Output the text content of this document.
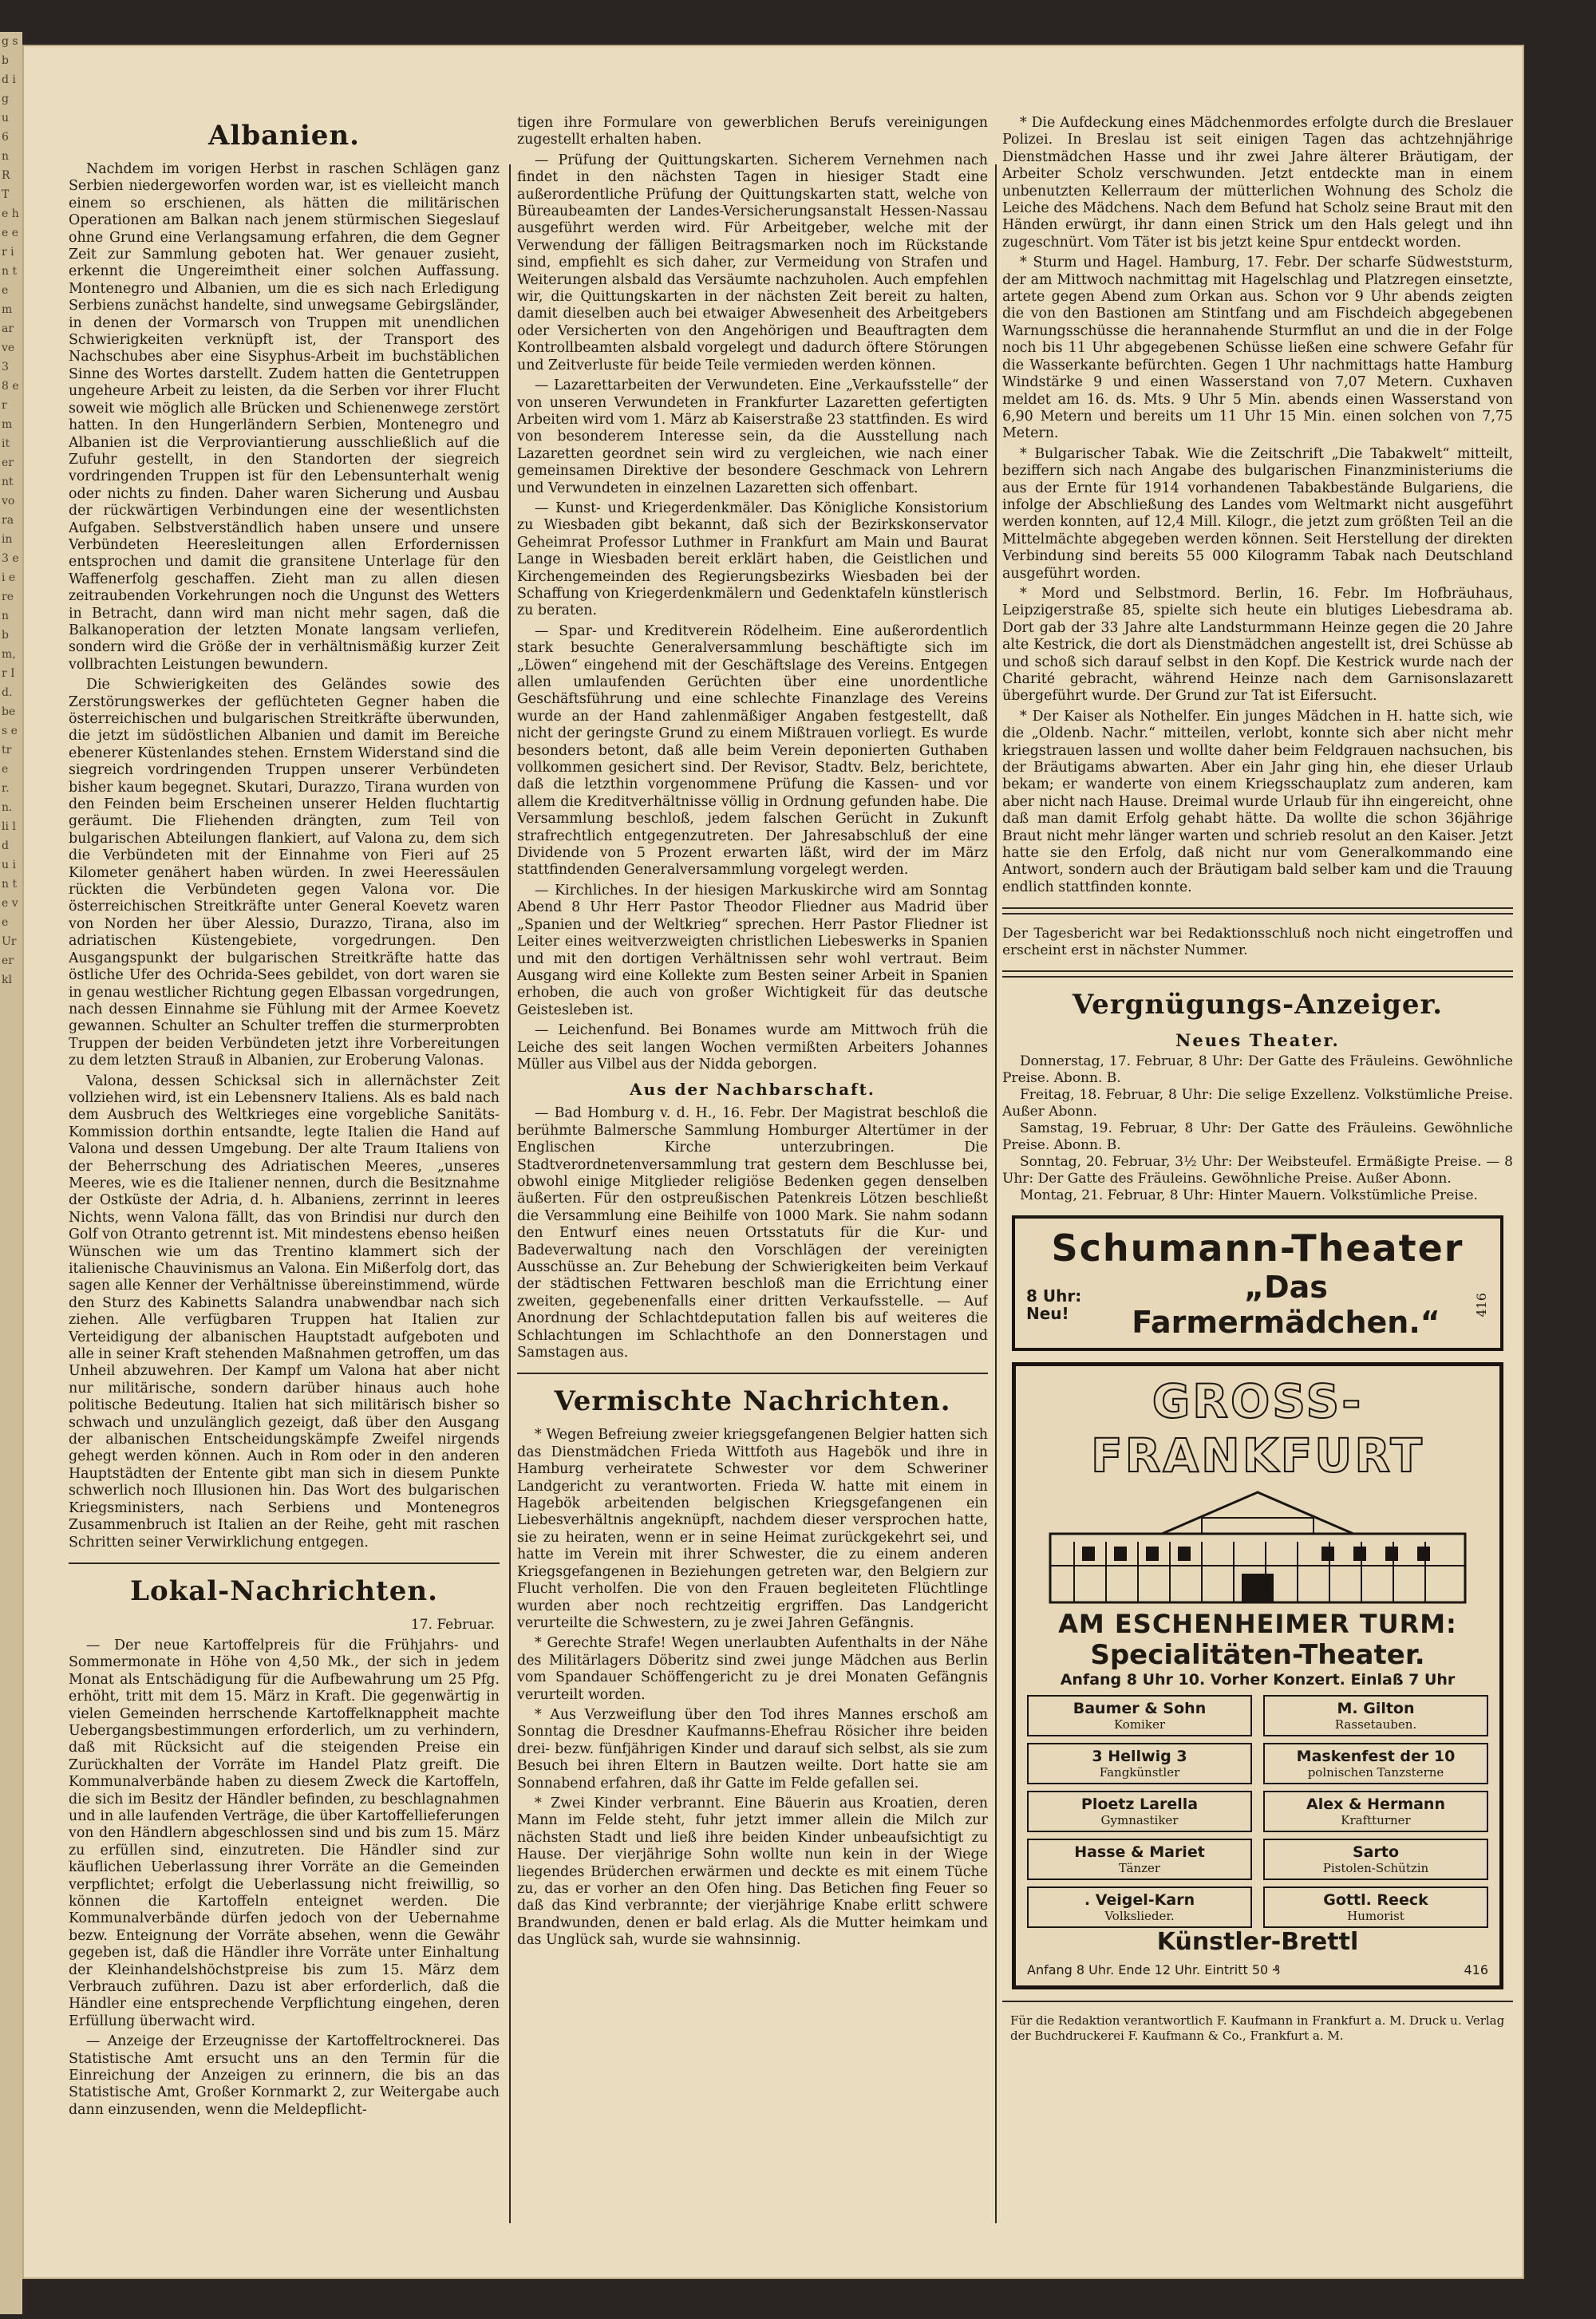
g s b d ig u 6 n R T e he er in te m ar ve 3 8 er m it er nt vo ra in 3 e i e re n b m, r Id. bes etr e r. n. li ld u in te ve Ur er kl
Albanien.

Nachdem im vorigen Herbst in raschen Schlägen ganz Serbien niedergeworfen worden war, ist es vielleicht manch einem so erschienen, als hätten die militärischen Operationen am Balkan nach jenem stürmischen Siegeslauf ohne Grund eine Verlangsamung erfahren, die dem Gegner Zeit zur Sammlung geboten hat. Wer genauer zusieht, erkennt die Ungereimtheit einer solchen Auffassung. Montenegro und Albanien, um die es sich nach Erledigung Serbiens zunächst handelte, sind unwegsame Gebirgsländer, in denen der Vormarsch von Truppen mit unendlichen Schwierigkeiten verknüpft ist, der Transport des Nachschubes aber eine Sisyphus-Arbeit im buchstäblichen Sinne des Wortes darstellt. Zudem hatten die Gentetruppen ungeheure Arbeit zu leisten, da die Serben vor ihrer Flucht soweit wie möglich alle Brücken und Schienenwege zerstört hatten. In den Hungerländern Serbien, Montenegro und Albanien ist die Verproviantierung ausschließlich auf die Zufuhr gestellt, in den Standorten der siegreich vordringenden Truppen ist für den Lebensunterhalt wenig oder nichts zu finden. Daher waren Sicherung und Ausbau der rückwärtigen Verbindungen eine der wesentlichsten Aufgaben. Selbstverständlich haben unsere und unsere Verbündeten Heeresleitungen allen Erfordernissen entsprochen und damit die gransitene Unterlage für den Waffenerfolg geschaffen. Zieht man zu allen diesen zeitraubenden Vorkehrungen noch die Ungunst des Wetters in Betracht, dann wird man nicht mehr sagen, daß die Balkanoperation der letzten Monate langsam verliefen, sondern wird die Größe der in verhältnismäßig kurzer Zeit vollbrachten Leistungen bewundern.

Die Schwierigkeiten des Geländes sowie des Zerstörungswerkes der geflüchteten Gegner haben die österreichischen und bulgarischen Streitkräfte überwunden, die jetzt im südöstlichen Albanien und damit im Bereiche ebenerer Küstenlandes stehen. Ernstem Widerstand sind die siegreich vordringenden Truppen unserer Verbündeten bisher kaum begegnet. Skutari, Durazzo, Tirana wurden von den Feinden beim Erscheinen unserer Helden fluchtartig geräumt. Die Fliehenden drängten, zum Teil von bulgarischen Abteilungen flankiert, auf Valona zu, dem sich die Verbündeten mit der Einnahme von Fieri auf 25 Kilometer genähert haben würden. In zwei Heeressäulen rückten die Verbündeten gegen Valona vor. Die österreichischen Streitkräfte unter General Koevetz waren von Norden her über Alessio, Durazzo, Tirana, also im adriatischen Küstengebiete, vorgedrungen. Den Ausgangspunkt der bulgarischen Streitkräfte hatte das östliche Ufer des Ochrida-Sees gebildet, von dort waren sie in genau westlicher Richtung gegen Elbassan vorgedrungen, nach dessen Einnahme sie Fühlung mit der Armee Koevetz gewannen. Schulter an Schulter treffen die sturmerprobten Truppen der beiden Verbündeten jetzt ihre Vorbereitungen zu dem letzten Strauß in Albanien, zur Eroberung Valonas.

Valona, dessen Schicksal sich in allernächster Zeit vollziehen wird, ist ein Lebensnerv Italiens. Als es bald nach dem Ausbruch des Weltkrieges eine vorgebliche Sanitäts-Kommission dorthin entsandte, legte Italien die Hand auf Valona und dessen Umgebung. Der alte Traum Italiens von der Beherrschung des Adriatischen Meeres, „unseres Meeres, wie es die Italiener nennen, durch die Besitznahme der Ostküste der Adria, d. h. Albaniens, zerrinnt in leeres Nichts, wenn Valona fällt, das von Brindisi nur durch den Golf von Otranto getrennt ist. Mit mindestens ebenso heißen Wünschen wie um das Trentino klammert sich der italienische Chauvinismus an Valona. Ein Mißerfolg dort, das sagen alle Kenner der Verhältnisse übereinstimmend, würde den Sturz des Kabinetts Salandra unabwendbar nach sich ziehen. Alle verfügbaren Truppen hat Italien zur Verteidigung der albanischen Hauptstadt aufgeboten und alle in seiner Kraft stehenden Maßnahmen getroffen, um das Unheil abzuwehren. Der Kampf um Valona hat aber nicht nur militärische, sondern darüber hinaus auch hohe politische Bedeutung. Italien hat sich militärisch bisher so schwach und unzulänglich gezeigt, daß über den Ausgang der albanischen Entscheidungskämpfe Zweifel nirgends gehegt werden können. Auch in Rom oder in den anderen Hauptstädten der Entente gibt man sich in diesem Punkte schwerlich noch Illusionen hin. Das Wort des bulgarischen Kriegsministers, nach Serbiens und Montenegros Zusammenbruch ist Italien an der Reihe, geht mit raschen Schritten seiner Verwirklichung entgegen.

Lokal-Nachrichten.
17. Februar.

— Der neue Kartoffelpreis für die Frühjahrs- und Sommermonate in Höhe von 4,50 Mk., der sich in jedem Monat als Entschädigung für die Aufbewahrung um 25 Pfg. erhöht, tritt mit dem 15. März in Kraft. Die gegenwärtig in vielen Gemeinden herrschende Kartoffelknappheit machte Uebergangsbestimmungen erforderlich, um zu verhindern, daß mit Rücksicht auf die steigenden Preise ein Zurückhalten der Vorräte im Handel Platz greift. Die Kommunalverbände haben zu diesem Zweck die Kartoffeln, die sich im Besitz der Händler befinden, zu beschlagnahmen und in alle laufenden Verträge, die über Kartoffellieferungen von den Händlern abgeschlossen sind und bis zum 15. März zu erfüllen sind, einzutreten. Die Händler sind zur käuflichen Ueberlassung ihrer Vorräte an die Gemeinden verpflichtet; erfolgt die Ueberlassung nicht freiwillig, so können die Kartoffeln enteignet werden. Die Kommunalverbände dürfen jedoch von der Uebernahme bezw. Enteignung der Vorräte absehen, wenn die Gewähr gegeben ist, daß die Händler ihre Vorräte unter Einhaltung der Kleinhandelshöchstpreise bis zum 15. März dem Verbrauch zuführen. Dazu ist aber erforderlich, daß die Händler eine entsprechende Verpflichtung eingehen, deren Erfüllung überwacht wird.

— Anzeige der Erzeugnisse der Kartoffeltrocknerei. Das Statistische Amt ersucht uns an den Termin für die Einreichung der Anzeigen zu erinnern, die bis an das Statistische Amt, Großer Kornmarkt 2, zur Weitergabe auch dann einzusenden, wenn die Meldepflicht-

tigen ihre Formulare von gewerblichen Berufs vereinigungen zugestellt erhalten haben.

— Prüfung der Quittungskarten. Sicherem Vernehmen nach findet in den nächsten Tagen in hiesiger Stadt eine außerordentliche Prüfung der Quittungskarten statt, welche von Büreaubeamten der Landes-Versicherungsanstalt Hessen-Nassau ausgeführt werden wird. Für Arbeitgeber, welche mit der Verwendung der fälligen Beitragsmarken noch im Rückstande sind, empfiehlt es sich daher, zur Vermeidung von Strafen und Weiterungen alsbald das Versäumte nachzuholen. Auch empfehlen wir, die Quittungskarten in der nächsten Zeit bereit zu halten, damit dieselben auch bei etwaiger Abwesenheit des Arbeitgebers oder Versicherten von den Angehörigen und Beauftragten dem Kontrollbeamten alsbald vorgelegt und dadurch öftere Störungen und Zeitverluste für beide Teile vermieden werden können.

— Lazarettarbeiten der Verwundeten. Eine „Verkaufsstelle“ der von unseren Verwundeten in Frankfurter Lazaretten gefertigten Arbeiten wird vom 1. März ab Kaiserstraße 23 stattfinden. Es wird von besonderem Interesse sein, da die Ausstellung nach Lazaretten geordnet sein wird zu vergleichen, wie nach einer gemeinsamen Direktive der besondere Geschmack von Lehrern und Verwundeten in einzelnen Lazaretten sich offenbart.

— Kunst- und Kriegerdenkmäler. Das Königliche Konsistorium zu Wiesbaden gibt bekannt, daß sich der Bezirkskonservator Geheimrat Professor Luthmer in Frankfurt am Main und Baurat Lange in Wiesbaden bereit erklärt haben, die Geistlichen und Kirchengemeinden des Regierungsbezirks Wiesbaden bei der Schaffung von Kriegerdenkmälern und Gedenktafeln künstlerisch zu beraten.

— Spar- und Kreditverein Rödelheim. Eine außerordentlich stark besuchte Generalversammlung beschäftigte sich im „Löwen“ eingehend mit der Geschäftslage des Vereins. Entgegen allen umlaufenden Gerüchten über eine unordentliche Geschäftsführung und eine schlechte Finanzlage des Vereins wurde an der Hand zahlenmäßiger Angaben festgestellt, daß nicht der geringste Grund zu einem Mißtrauen vorliegt. Es wurde besonders betont, daß alle beim Verein deponierten Guthaben vollkommen gesichert sind. Der Revisor, Stadtv. Belz, berichtete, daß die letzthin vorgenommene Prüfung die Kassen- und vor allem die Kreditverhältnisse völlig in Ordnung gefunden habe. Die Versammlung beschloß, jedem falschen Gerücht in Zukunft strafrechtlich entgegenzutreten. Der Jahresabschluß der eine Dividende von 5 Prozent erwarten läßt, wird der im März stattfindenden Generalversammlung vorgelegt werden.

— Kirchliches. In der hiesigen Markuskirche wird am Sonntag Abend 8 Uhr Herr Pastor Theodor Fliedner aus Madrid über „Spanien und der Weltkrieg“ sprechen. Herr Pastor Fliedner ist Leiter eines weitverzweigten christlichen Liebeswerks in Spanien und mit den dortigen Verhältnissen sehr wohl vertraut. Beim Ausgang wird eine Kollekte zum Besten seiner Arbeit in Spanien erhoben, die auch von großer Wichtigkeit für das deutsche Geistesleben ist.

— Leichenfund. Bei Bonames wurde am Mittwoch früh die Leiche des seit langen Wochen vermißten Arbeiters Johannes Müller aus Vilbel aus der Nidda geborgen.

Aus der Nachbarschaft.

— Bad Homburg v. d. H., 16. Febr. Der Magistrat beschloß die berühmte Balmersche Sammlung Homburger Altertümer in der Englischen Kirche unterzubringen. Die Stadtverordnetenversammlung trat gestern dem Beschlusse bei, obwohl einige Mitglieder religiöse Bedenken gegen denselben äußerten. Für den ostpreußischen Patenkreis Lötzen beschließt die Versammlung eine Beihilfe von 1000 Mark. Sie nahm sodann den Entwurf eines neuen Ortsstatuts für die Kur- und Badeverwaltung nach den Vorschlägen der vereinigten Ausschüsse an. Zur Behebung der Schwierigkeiten beim Verkauf der städtischen Fettwaren beschloß man die Errichtung einer zweiten, gegebenenfalls einer dritten Verkaufsstelle. — Auf Anordnung der Schlachtdeputation fallen bis auf weiteres die Schlachtungen im Schlachthofe an den Donnerstagen und Samstagen aus.

Vermischte Nachrichten.

* Wegen Befreiung zweier kriegsgefangenen Belgier hatten sich das Dienstmädchen Frieda Wittfoth aus Hagebök und ihre in Hamburg verheiratete Schwester vor dem Schweriner Landgericht zu verantworten. Frieda W. hatte mit einem in Hagebök arbeitenden belgischen Kriegsgefangenen ein Liebesverhältnis angeknüpft, nachdem dieser versprochen hatte, sie zu heiraten, wenn er in seine Heimat zurückgekehrt sei, und hatte im Verein mit ihrer Schwester, die zu einem anderen Kriegsgefangenen in Beziehungen getreten war, den Belgiern zur Flucht verholfen. Die von den Frauen begleiteten Flüchtlinge wurden aber noch rechtzeitig ergriffen. Das Landgericht verurteilte die Schwestern, zu je zwei Jahren Gefängnis.

* Gerechte Strafe! Wegen unerlaubten Aufenthalts in der Nähe des Militärlagers Döberitz sind zwei junge Mädchen aus Berlin vom Spandauer Schöffengericht zu je drei Monaten Gefängnis verurteilt worden.

* Aus Verzweiflung über den Tod ihres Mannes erschoß am Sonntag die Dresdner Kaufmanns-Ehefrau Rösicher ihre beiden drei- bezw. fünfjährigen Kinder und darauf sich selbst, als sie zum Besuch bei ihren Eltern in Bautzen weilte. Dort hatte sie am Sonnabend erfahren, daß ihr Gatte im Felde gefallen sei.

* Zwei Kinder verbrannt. Eine Bäuerin aus Kroatien, deren Mann im Felde steht, fuhr jetzt immer allein die Milch zur nächsten Stadt und ließ ihre beiden Kinder unbeaufsichtigt zu Hause. Der vierjährige Sohn wollte nun kein in der Wiege liegendes Brüderchen erwärmen und deckte es mit einem Tüche zu, das er vorher an den Ofen hing. Das Betichen fing Feuer so daß das Kind verbrannte; der vierjährige Knabe erlitt schwere Brandwunden, denen er bald erlag. Als die Mutter heimkam und das Unglück sah, wurde sie wahnsinnig.

* Die Aufdeckung eines Mädchenmordes erfolgte durch die Breslauer Polizei. In Breslau ist seit einigen Tagen das achtzehnjährige Dienstmädchen Hasse und ihr zwei Jahre älterer Bräutigam, der Arbeiter Scholz verschwunden. Jetzt entdeckte man in einem unbenutzten Kellerraum der mütterlichen Wohnung des Scholz die Leiche des Mädchens. Nach dem Befund hat Scholz seine Braut mit den Händen erwürgt, ihr dann einen Strick um den Hals gelegt und ihn zugeschnürt. Vom Täter ist bis jetzt keine Spur entdeckt worden.

* Sturm und Hagel. Hamburg, 17. Febr. Der scharfe Südweststurm, der am Mittwoch nachmittag mit Hagelschlag und Platzregen einsetzte, artete gegen Abend zum Orkan aus. Schon vor 9 Uhr abends zeigten die von den Bastionen am Stintfang und am Fischdeich abgegebenen Warnungsschüsse die herannahende Sturmflut an und die in der Folge noch bis 11 Uhr abgegebenen Schüsse ließen eine schwere Gefahr für die Wasserkante befürchten. Gegen 1 Uhr nachmittags hatte Hamburg Windstärke 9 und einen Wasserstand von 7,07 Metern. Cuxhaven meldet am 16. ds. Mts. 9 Uhr 5 Min. abends einen Wasserstand von 6,90 Metern und bereits um 11 Uhr 15 Min. einen solchen von 7,75 Metern.

* Bulgarischer Tabak. Wie die Zeitschrift „Die Tabakwelt“ mitteilt, beziffern sich nach Angabe des bulgarischen Finanzministeriums die aus der Ernte für 1914 vorhandenen Tabakbestände Bulgariens, die infolge der Abschließung des Landes vom Weltmarkt nicht ausgeführt werden konnten, auf 12,4 Mill. Kilogr., die jetzt zum größten Teil an die Mittelmächte abgegeben werden können. Seit Herstellung der direkten Verbindung sind bereits 55 000 Kilogramm Tabak nach Deutschland ausgeführt worden.

* Mord und Selbstmord. Berlin, 16. Febr. Im Hofbräuhaus, Leipzigerstraße 85, spielte sich heute ein blutiges Liebesdrama ab. Dort gab der 33 Jahre alte Landsturmmann Heinze gegen die 20 Jahre alte Kestrick, die dort als Dienstmädchen angestellt ist, drei Schüsse ab und schoß sich darauf selbst in den Kopf. Die Kestrick wurde nach der Charité gebracht, während Heinze nach dem Garnisonslazarett übergeführt wurde. Der Grund zur Tat ist Eifersucht.

* Der Kaiser als Nothelfer. Ein junges Mädchen in H. hatte sich, wie die „Oldenb. Nachr.“ mitteilen, verlobt, konnte sich aber nicht mehr kriegstrauen lassen und wollte daher beim Feldgrauen nachsuchen, bis der Bräutigams abwarten. Aber ein Jahr ging hin, ehe dieser Urlaub bekam; er wanderte von einem Kriegsschauplatz zum anderen, kam aber nicht nach Hause. Dreimal wurde Urlaub für ihn eingereicht, ohne daß man damit Erfolg gehabt hätte. Da wollte die schon 36jährige Braut nicht mehr länger warten und schrieb resolut an den Kaiser. Jetzt hatte sie den Erfolg, daß nicht nur vom Generalkommando eine Antwort, sondern auch der Bräutigam bald selber kam und die Trauung endlich stattfinden konnte.

Der Tagesbericht war bei Redaktionsschluß noch nicht eingetroffen und erscheint erst in nächster Nummer.

Vergnügungs-Anzeiger.
Neues Theater.

Donnerstag, 17. Februar, 8 Uhr: Der Gatte des Fräuleins. Gewöhnliche Preise. Abonn. B.

Freitag, 18. Februar, 8 Uhr: Die selige Exzellenz. Volkstümliche Preise. Außer Abonn.

Samstag, 19. Februar, 8 Uhr: Der Gatte des Fräuleins. Gewöhnliche Preise. Abonn. B.

Sonntag, 20. Februar, 3½ Uhr: Der Weibsteufel. Ermäßigte Preise. — 8 Uhr: Der Gatte des Fräuleins. Gewöhnliche Preise. Außer Abonn.

Montag, 21. Februar, 8 Uhr: Hinter Mauern. Volkstümliche Preise.

Schumann-Theater
8 Uhr:
Neu!
„Das Farmermädchen.“
416
GROSS-FRANKFURT
AM ESCHENHEIMER TURM:
Specialitäten-Theater.
Anfang 8 Uhr 10. Vorher Konzert. Einlaß 7 Uhr
Baumer & Sohn
Komiker
M. Gilton
Rassetauben.
3 Hellwig 3
Fangkünstler
Maskenfest der 10
polnischen Tanzsterne
Ploetz Larella
Gymnastiker
Alex & Hermann
Kraftturner
Hasse & Mariet
Tänzer
Sarto
Pistolen-Schützin
. Veigel-Karn
Volkslieder.
Gottl. Reeck
Humorist
Künstler-Brettl
Anfang 8 Uhr. Ende 12 Uhr. Eintritt 50 ₰	416

Für die Redaktion verantwortlich F. Kaufmann in Frankfurt a. M. Druck u. Verlag der Buchdruckerei F. Kaufmann & Co., Frankfurt a. M.
